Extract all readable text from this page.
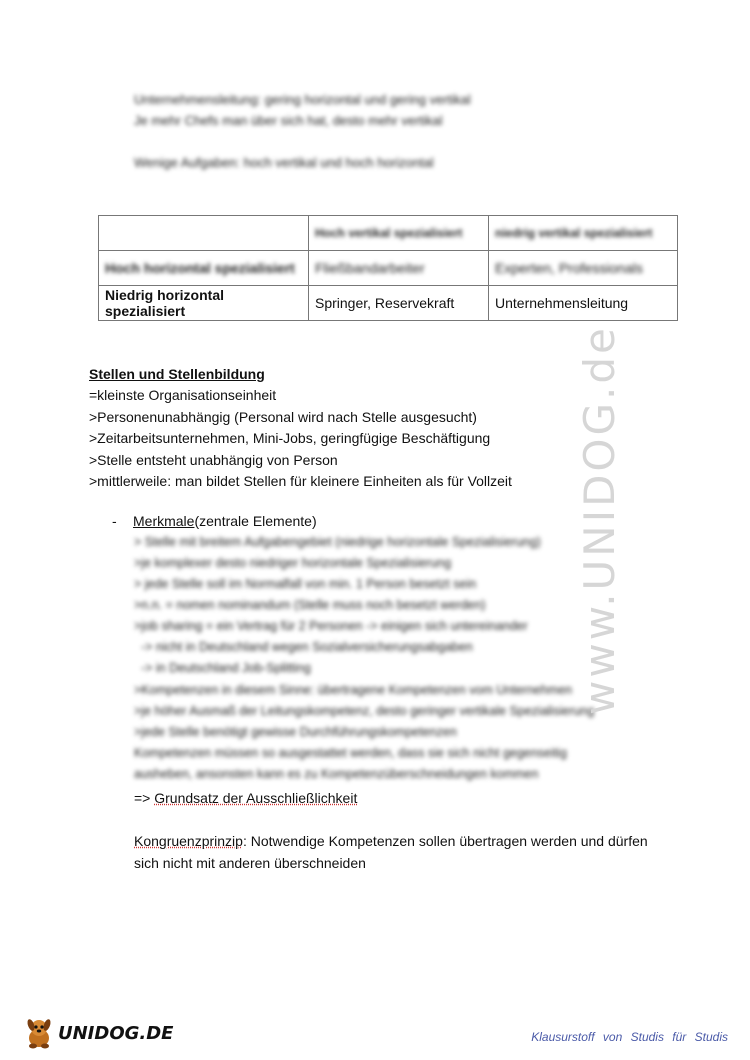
Unternehmensleitung: gering horizontal und gering vertikal
Je mehr Chefs man über sich hat, desto mehr vertikal
Wenige Aufgaben: hoch vertikal und hoch horizontal
	Hoch vertikal spezialisiert	niedrig vertikal spezialisiert
Hoch horizontal spezialisiert	Fließbandarbeiter	Experten, Professionals
Niedrig horizontal spezialisiert	Springer, Reservekraft	Unternehmensleitung
Stellen und Stellenbildung
=kleinste Organisationseinheit
>Personenunabhängig (Personal wird nach Stelle ausgesucht)
>Zeitarbeitsunternehmen, Mini-Jobs, geringfügige Beschäftigung
>Stelle entsteht unabhängig von Person
>mittlerweile: man bildet Stellen für kleinere Einheiten als für Vollzeit
- Merkmale(zentrale Elemente)
> Stelle mit breitem Aufgabengebiet (niedrige horizontale Spezialisierung)
>je komplexer desto niedriger horizontale Spezialisierung
> jede Stelle soll im Normalfall von min. 1 Person besetzt sein
>n.n. = nomen nominandum (Stelle muss noch besetzt werden)
>job sharing = ein Vertrag für 2 Personen -> einigen sich untereinander
-> nicht in Deutschland wegen Sozialversicherungsabgaben
-> in Deutschland Job-Splitting
>Kompetenzen in diesem Sinne: übertragene Kompetenzen vom Unternehmen
>je höher Ausmaß der Leitungskompetenz, desto geringer vertikale Spezialisierung
>jede Stelle benötigt gewisse Durchführungskompetenzen
Kompetenzen müssen so ausgestattet werden, dass sie sich nicht gegenseitig
ausheben, ansonsten kann es zu Kompetenzüberschneidungen kommen
=> Grundsatz der Ausschließlichkeit
Kongruenzprinzip: Notwendige Kompetenzen sollen übertragen werden und dürfen sich nicht mit anderen überschneiden
www.UNIDOG.de
UNIDOG.DE	Klausurstoff von Studis für Studis
